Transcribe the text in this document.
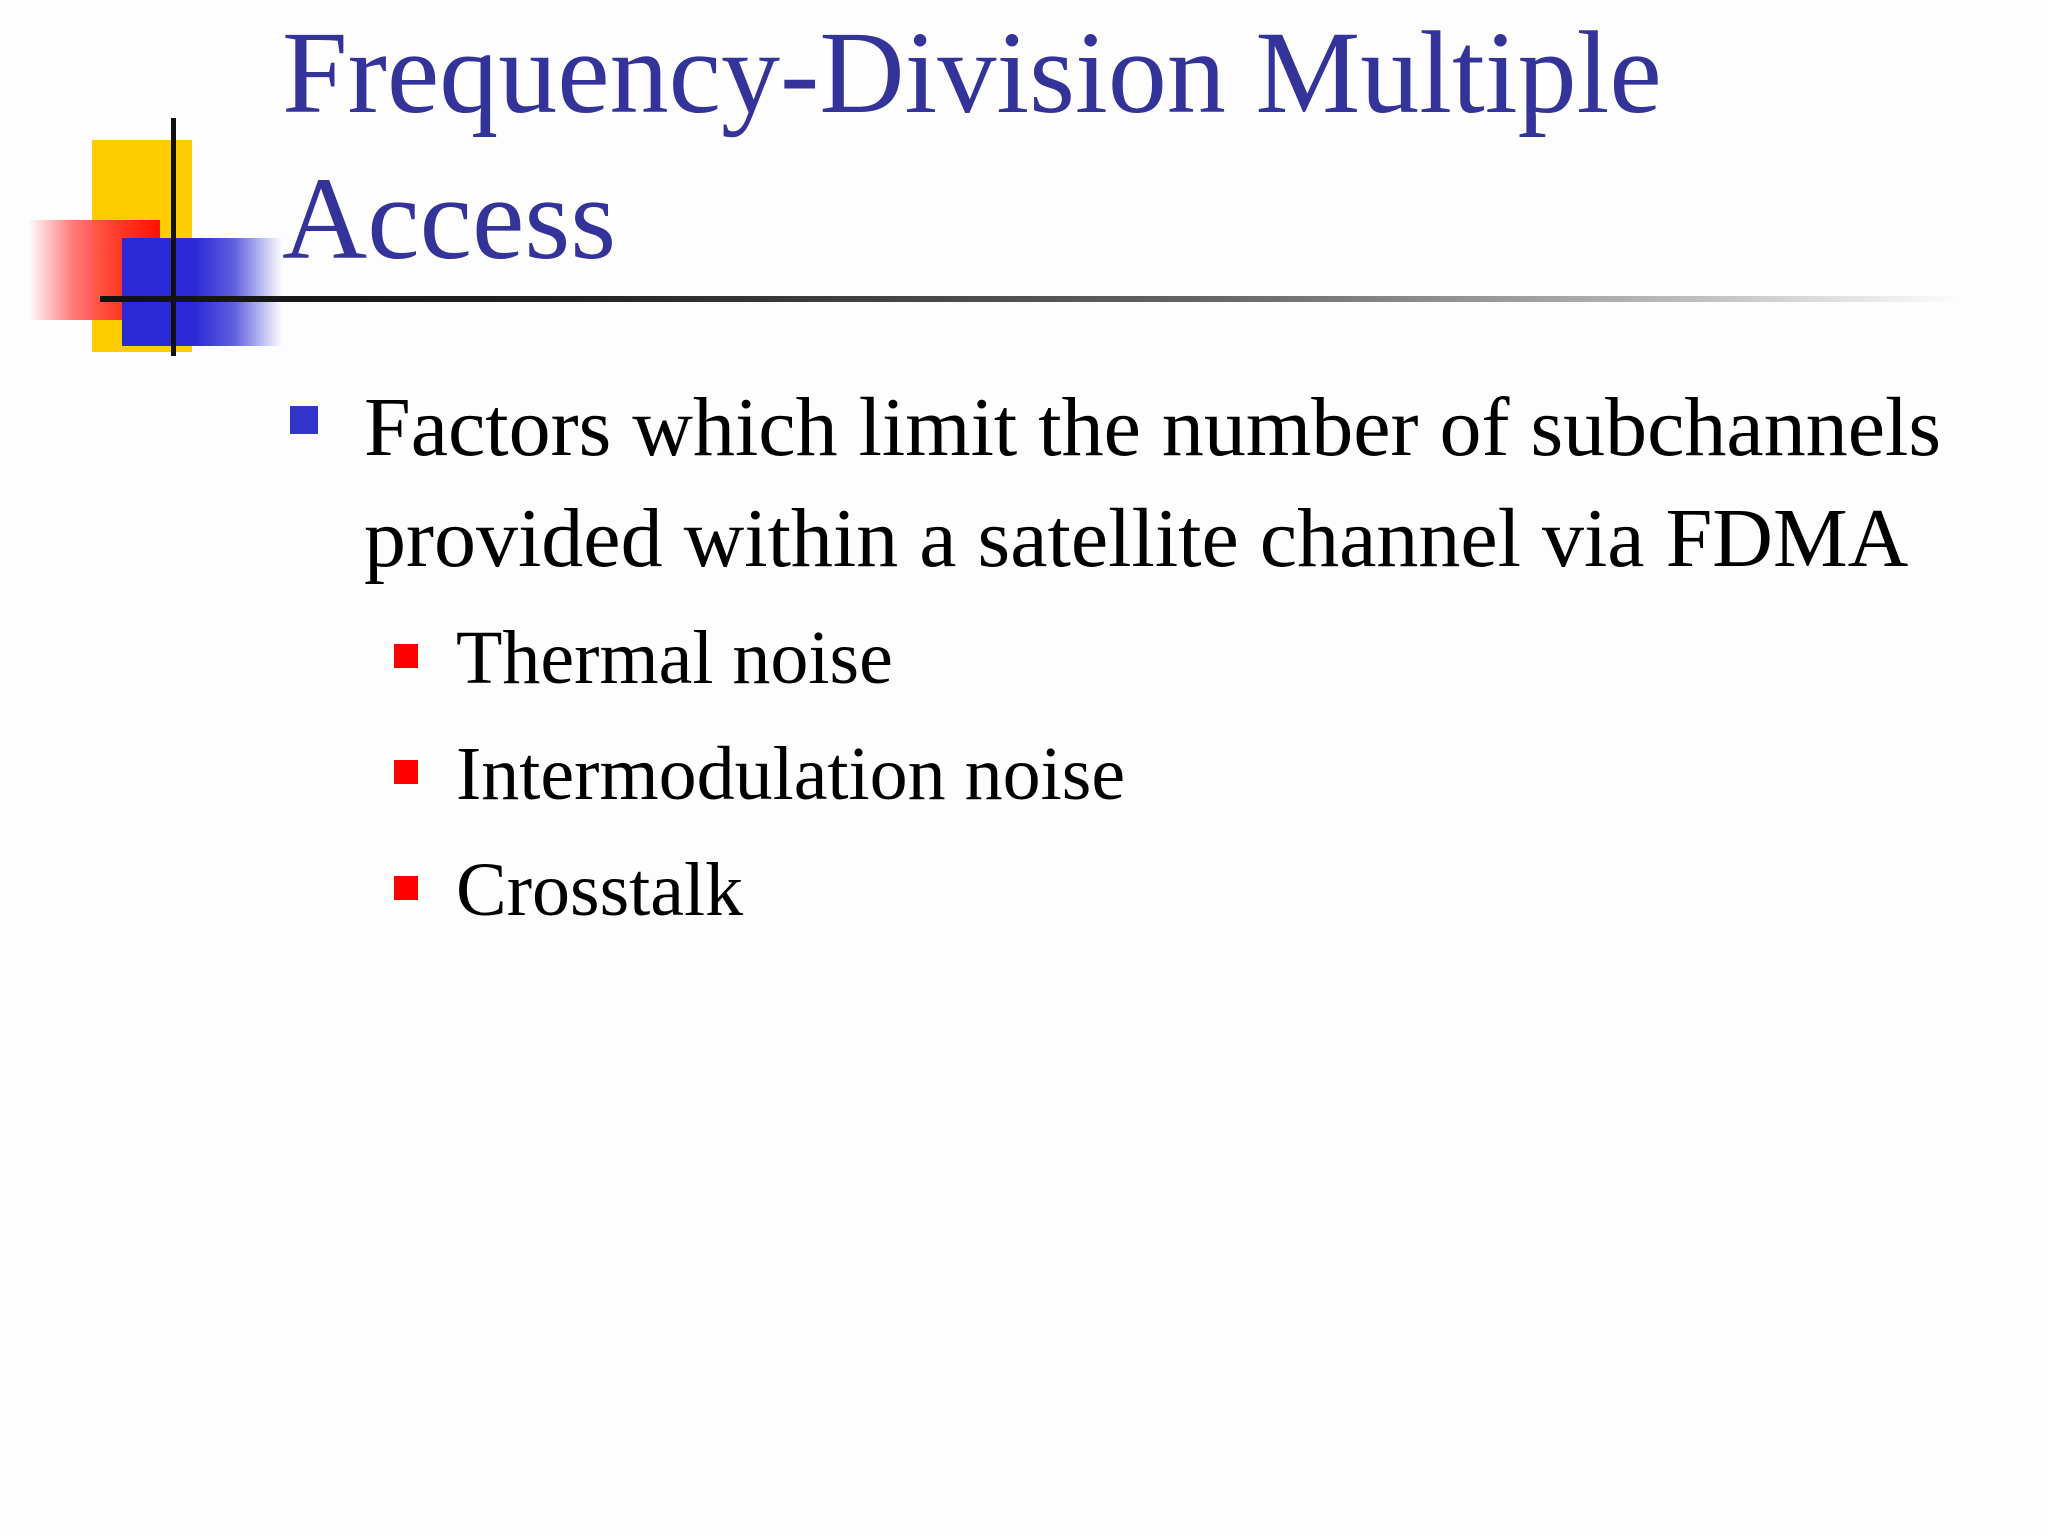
Frequency-Division Multiple Access
Factors which limit the number of subchannels provided within a satellite channel via FDMA
Thermal noise
Intermodulation noise
Crosstalk
